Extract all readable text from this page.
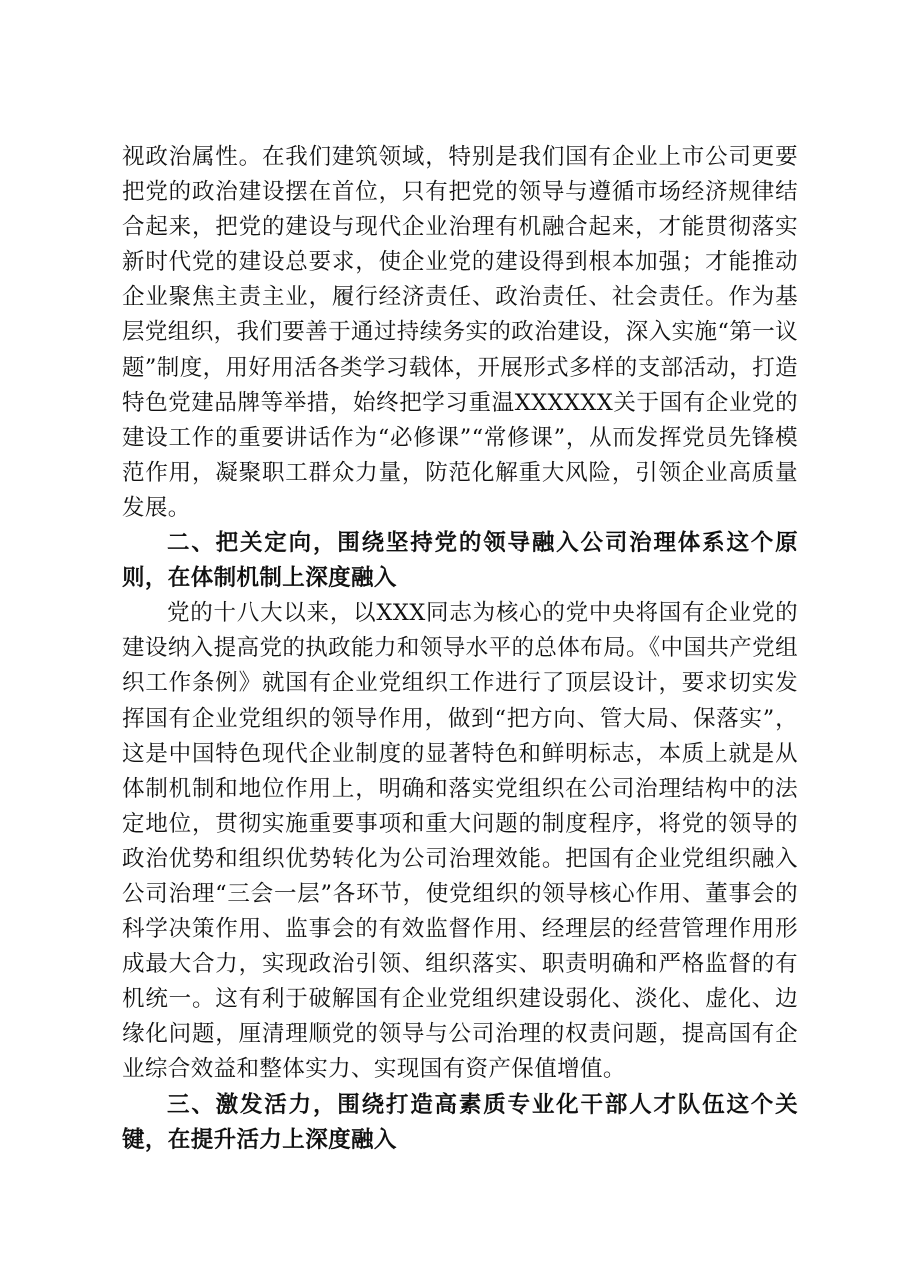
视政治属性。在我们建筑领域，特别是我们国有企业上市公司更要把党的政治建设摆在首位，只有把党的领导与遵循市场经济规律结合起来，把党的建设与现代企业治理有机融合起来，才能贯彻落实新时代党的建设总要求，使企业党的建设得到根本加强；才能推动企业聚焦主责主业，履行经济责任、政治责任、社会责任。作为基层党组织，我们要善于通过持续务实的政治建设，深入实施“第一议题”制度，用好用活各类学习载体，开展形式多样的支部活动，打造特色党建品牌等举措，始终把学习重温XXXXXX关于国有企业党的建设工作的重要讲话作为“必修课”“常修课”，从而发挥党员先锋模范作用，凝聚职工群众力量，防范化解重大风险，引领企业高质量发展。

二、把关定向，围绕坚持党的领导融入公司治理体系这个原则，在体制机制上深度融入

党的十八大以来，以XXX同志为核心的党中央将国有企业党的建设纳入提高党的执政能力和领导水平的总体布局。《中国共产党组织工作条例》就国有企业党组织工作进行了顶层设计，要求切实发挥国有企业党组织的领导作用，做到“把方向、管大局、保落实”，这是中国特色现代企业制度的显著特色和鲜明标志，本质上就是从体制机制和地位作用上，明确和落实党组织在公司治理结构中的法定地位，贯彻实施重要事项和重大问题的制度程序，将党的领导的政治优势和组织优势转化为公司治理效能。把国有企业党组织融入公司治理“三会一层”各环节，使党组织的领导核心作用、董事会的科学决策作用、监事会的有效监督作用、经理层的经营管理作用形成最大合力，实现政治引领、组织落实、职责明确和严格监督的有机统一。这有利于破解国有企业党组织建设弱化、淡化、虚化、边缘化问题，厘清理顺党的领导与公司治理的权责问题，提高国有企业综合效益和整体实力、实现国有资产保值增值。

三、激发活力，围绕打造高素质专业化干部人才队伍这个关键，在提升活力上深度融入
